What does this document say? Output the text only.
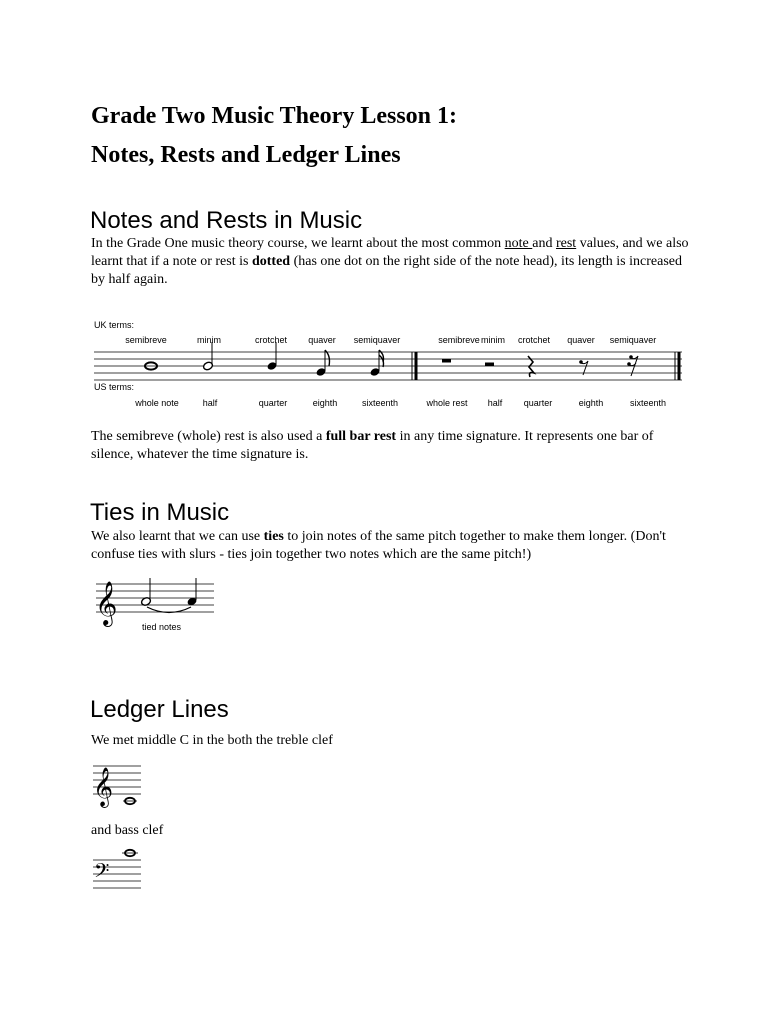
Grade Two Music Theory Lesson 1:
Notes, Rests and Ledger Lines
Notes and Rests in Music

In the Grade One music theory course, we learnt about the most common note and rest values, and we also learnt that if a note or rest is dotted (has one dot on the right side of the note head), its length is increased by half again.

UK terms:
semibreve	minim	crotchet quaver semiquaver	semibreve minim crotchet quaver semiquaver
US terms:
whole note	half	quarter	eighth	sixteenth	whole rest half quarter	eighth	sixteenth

The semibreve (whole) rest is also used a full bar rest in any time signature. It represents one bar of silence, whatever the time signature is.

Ties in Music

We also learnt that we can use ties to join notes of the same pitch together to make them longer. (Don't confuse ties with slurs - ties join together two notes which are the same pitch!)

𝄞
tied notes
Ledger Lines

We met middle C in the both the treble clef

𝄞

and bass clef

𝄢
